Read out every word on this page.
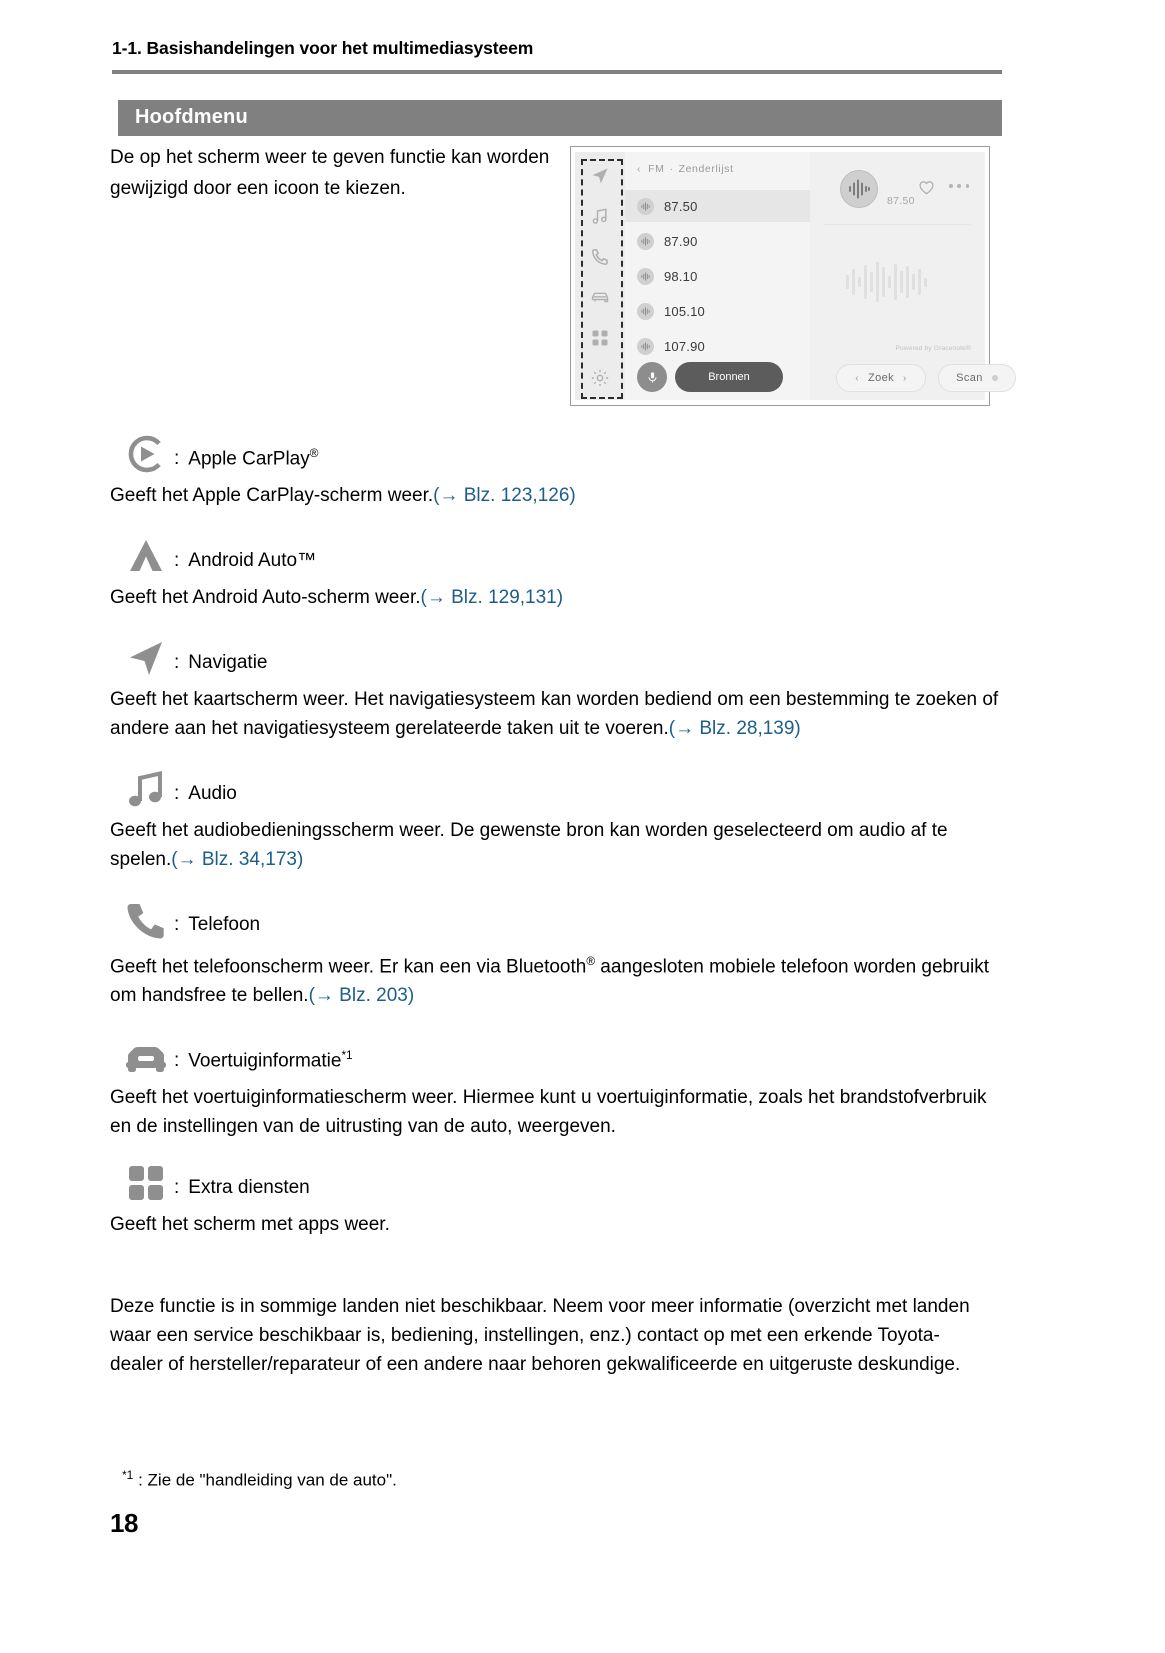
1-1. Basishandelingen voor het multimediasysteem
Hoofdmenu
De op het scherm weer te geven functie kan worden gewijzigd door een icoon te kiezen.
‹ FM · Zenderlijst
87.50
87.90
98.10
105.10
107.90
Bronnen
87.50
Powered by Gracenote®
‹ Zoek ›	Scan
: Apple CarPlay®
Geeft het Apple CarPlay-scherm weer.(→ Blz. 123,126)
: Android Auto™
Geeft het Android Auto-scherm weer.(→ Blz. 129,131)
: Navigatie
Geeft het kaartscherm weer. Het navigatiesysteem kan worden bediend om een bestemming te zoeken of andere aan het navigatiesysteem gerelateerde taken uit te voeren.(→ Blz. 28,139)
: Audio
Geeft het audiobedieningsscherm weer. De gewenste bron kan worden geselecteerd om audio af te spelen.(→ Blz. 34,173)
: Telefoon
Geeft het telefoonscherm weer. Er kan een via Bluetooth® aangesloten mobiele telefoon worden gebruikt om handsfree te bellen.(→ Blz. 203)
: Voertuiginformatie$^{*1}$
Geeft het voertuiginformatiescherm weer. Hiermee kunt u voertuiginformatie, zoals het brandstofverbruik en de instellingen van de uitrusting van de auto, weergeven.
: Extra diensten
Geeft het scherm met apps weer.
Deze functie is in sommige landen niet beschikbaar. Neem voor meer informatie (overzicht met landen waar een service beschikbaar is, bediening, instellingen, enz.) contact op met een erkende Toyota-dealer of hersteller/reparateur of een andere naar behoren gekwalificeerde en uitgeruste deskundige.
$^{*1}$ : Zie de "handleiding van de auto".
18
